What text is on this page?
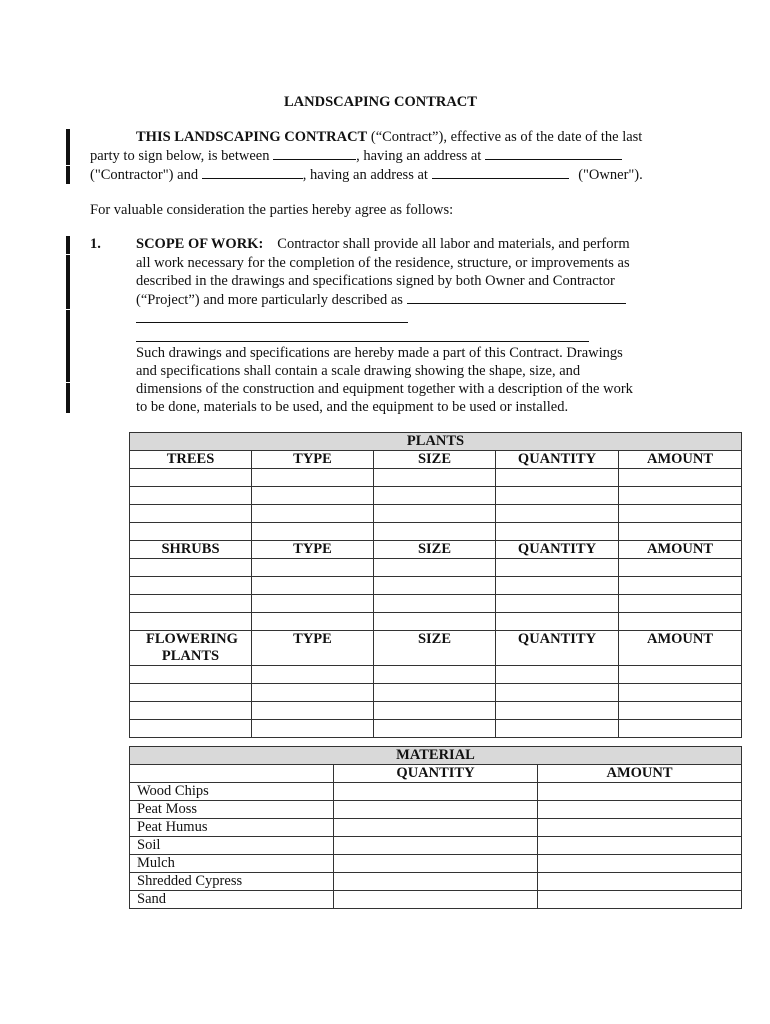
LANDSCAPING CONTRACT
THIS LANDSCAPING CONTRACT (“Contract”), effective as of the date of the last
party to sign below, is between	, having an address at
("Contractor") and	, having an address at	("Owner").
For valuable consideration the parties hereby agree as follows:
1. SCOPE OF WORK: Contractor shall provide all labor and materials, and perform
all work necessary for the completion of the residence, structure, or improvements as
described in the drawings and specifications signed by both Owner and Contractor
(“Project”) and more particularly described as
Such drawings and specifications are hereby made a part of this Contract. Drawings
and specifications shall contain a scale drawing showing the shape, size, and
dimensions of the construction and equipment together with a description of the work
to be done, materials to be used, and the equipment to be used or installed.
PLANTS				
TREES	TYPE	SIZE	QUANTITY	AMOUNT

SHRUBS	TYPE	SIZE	QUANTITY	AMOUNT

FLOWERING PLANTS	TYPE	SIZE	QUANTITY	AMOUNT

MATERIAL		
	QUANTITY	AMOUNT
Wood Chips		
Peat Moss		
Peat Humus		
Soil		
Mulch		
Shredded Cypress		
Sand		
